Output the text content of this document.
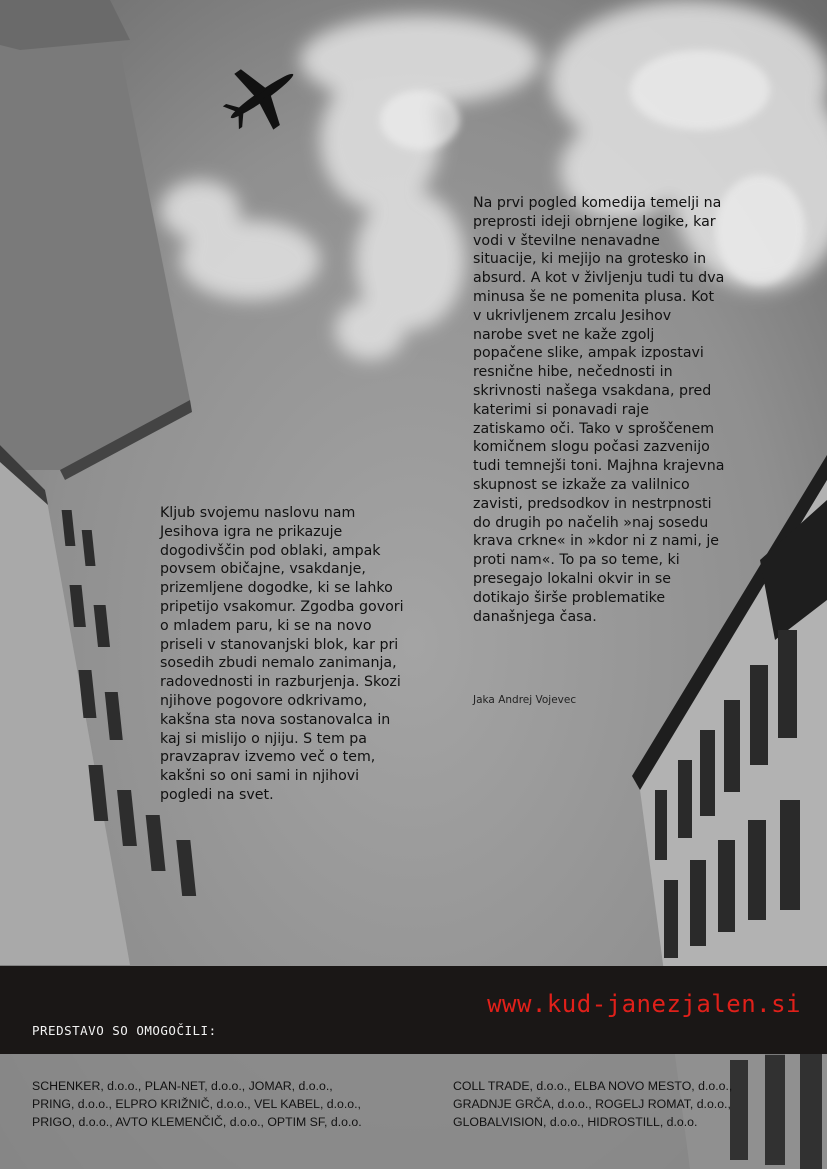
Kljub svojemu naslovu nam Jesihova igra ne prikazuje dogodivščin pod oblaki, ampak povsem običajne, vsakdanje, prizemljene dogodke, ki se lahko pripetijo vsakomur. Zgodba govori o mladem paru, ki se na novo priseli v stanovanjski blok, kar pri sosedih zbudi nemalo zanimanja, radovednosti in razburjenja. Skozi njihove pogovore odkrivamo, kakšna sta nova sostanovalca in kaj si mislijo o njiju. S tem pa pravzaprav izvemo več o tem, kakšni so oni sami in njihovi pogledi na svet.

Na prvi pogled komedija temelji na preprosti ideji obrnjene logike, kar vodi v številne nenavadne situacije, ki mejijo na grotesko in absurd. A kot v življenju tudi tu dva minusa še ne pomenita plusa. Kot v ukrivljenem zrcalu Jesihov narobe svet ne kaže zgolj popačene slike, ampak izpostavi resnične hibe, nečednosti in skrivnosti našega vsakdana, pred katerimi si ponavadi raje zatiskamo oči. Tako v sproščenem komičnem slogu počasi zazvenijo tudi temnejši toni. Majhna krajevna skupnost se izkaže za valilnico zavisti, predsodkov in nestrpnosti do drugih po načelih »naj sosedu krava crkne« in »kdor ni z nami, je proti nam«. To pa so teme, ki presegajo lokalni okvir in se dotikajo širše problematike današnjega časa.

Jaka Andrej Vojevec
www.kud-janezjalen.si
PREDSTAVO SO OMOGOČILI:
SCHENKER, d.o.o., PLAN-NET, d.o.o., JOMAR, d.o.o.,
PRING, d.o.o., ELPRO KRIŽNIČ, d.o.o., VEL KABEL, d.o.o.,
PRIGO, d.o.o., AVTO KLEMENČIČ, d.o.o., OPTIM SF, d.o.o.
COLL TRADE, d.o.o., ELBA NOVO MESTO, d.o.o.,
GRADNJE GRČA, d.o.o., ROGELJ ROMAT, d.o.o.,
GLOBALVISION, d.o.o., HIDROSTILL, d.o.o.
